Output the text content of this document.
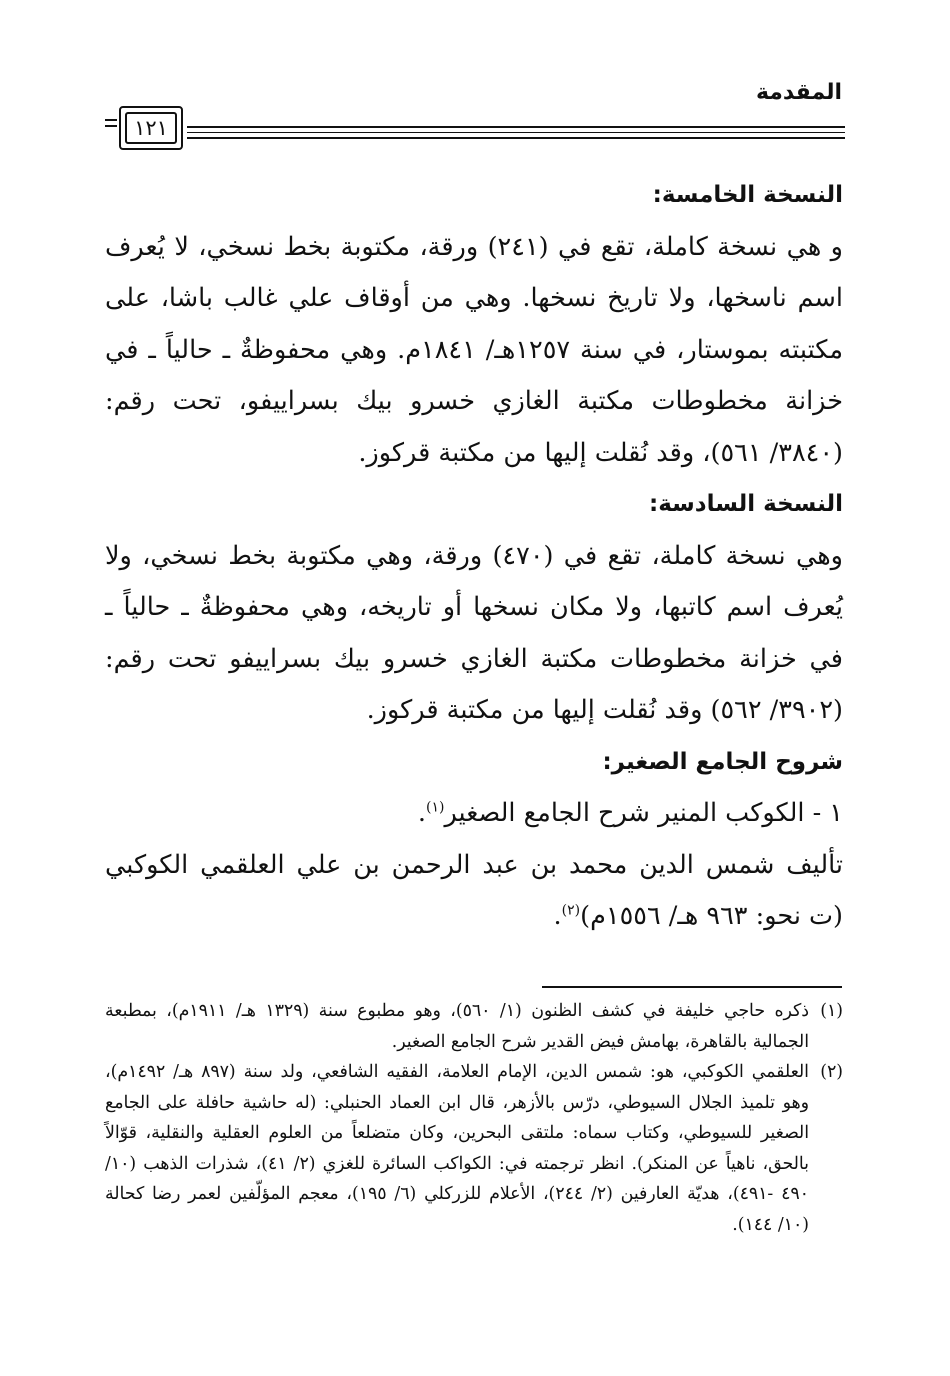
المقدمة
١٢١

النسخة الخامسة:

و هي نسخة كاملة، تقع في (٢٤١) ورقة، مكتوبة بخط نسخي، لا يُعرف اسم ناسخها، ولا تاريخ نسخها. وهي من أوقاف علي غالب باشا، على مكتبته بموستار، في سنة ١٢٥٧هـ/ ١٨٤١م. وهي محفوظةٌ ـ حالياً ـ في خزانة مخطوطات مكتبة الغازي خسرو بيك بسراييفو، تحت رقم: (٣٨٤٠/ ٥٦١)، وقد نُقلت إليها من مكتبة قركوز.

النسخة السادسة:

وهي نسخة كاملة، تقع في (٤٧٠) ورقة، وهي مكتوبة بخط نسخي، ولا يُعرف اسم كاتبها، ولا مكان نسخها أو تاريخه، وهي محفوظةٌ ـ حالياً ـ في خزانة مخطوطات مكتبة الغازي خسرو بيك بسراييفو تحت رقم: (٣٩٠٢/ ٥٦٢) وقد نُقلت إليها من مكتبة قركوز.

شروح الجامع الصغير:

١ - الكوكب المنير شرح الجامع الصغير$^{(١)}$.

تأليف شمس الدين محمد بن عبد الرحمن بن علي العلقمي الكوكبي (ت نحو: ٩٦٣ هـ/ ١٥٥٦م)$^{(٢)}$.

(١)
ذكره حاجي خليفة في كشف الظنون (١/ ٥٦٠)، وهو مطبوع سنة (١٣٢٩ هـ/ ١٩١١م)، بمطبعة الجمالية بالقاهرة، بهامش فيض القدير شرح الجامع الصغير.

(٢)
العلقمي الكوكبي، هو: شمس الدين، الإمام العلامة، الفقيه الشافعي، ولد سنة (٨٩٧ هـ/ ١٤٩٢م)، وهو تلميذ الجلال السيوطي، درّس بالأزهر، قال ابن العماد الحنبلي: (له حاشية حافلة على الجامع الصغير للسيوطي، وكتاب سماه: ملتقى البحرين، وكان متضلعاً من العلوم العقلية والنقلية، قوّالاً بالحق، ناهياً عن المنكر). انظر ترجمته في: الكواكب السائرة للغزي (٢/ ٤١)، شذرات الذهب (١٠/ ٤٩٠ -٤٩١)، هديّة العارفين (٢/ ٢٤٤)، الأعلام للزركلي (٦/ ١٩٥)، معجم المؤلّفين لعمر رضا كحالة (١٠/ ١٤٤).
